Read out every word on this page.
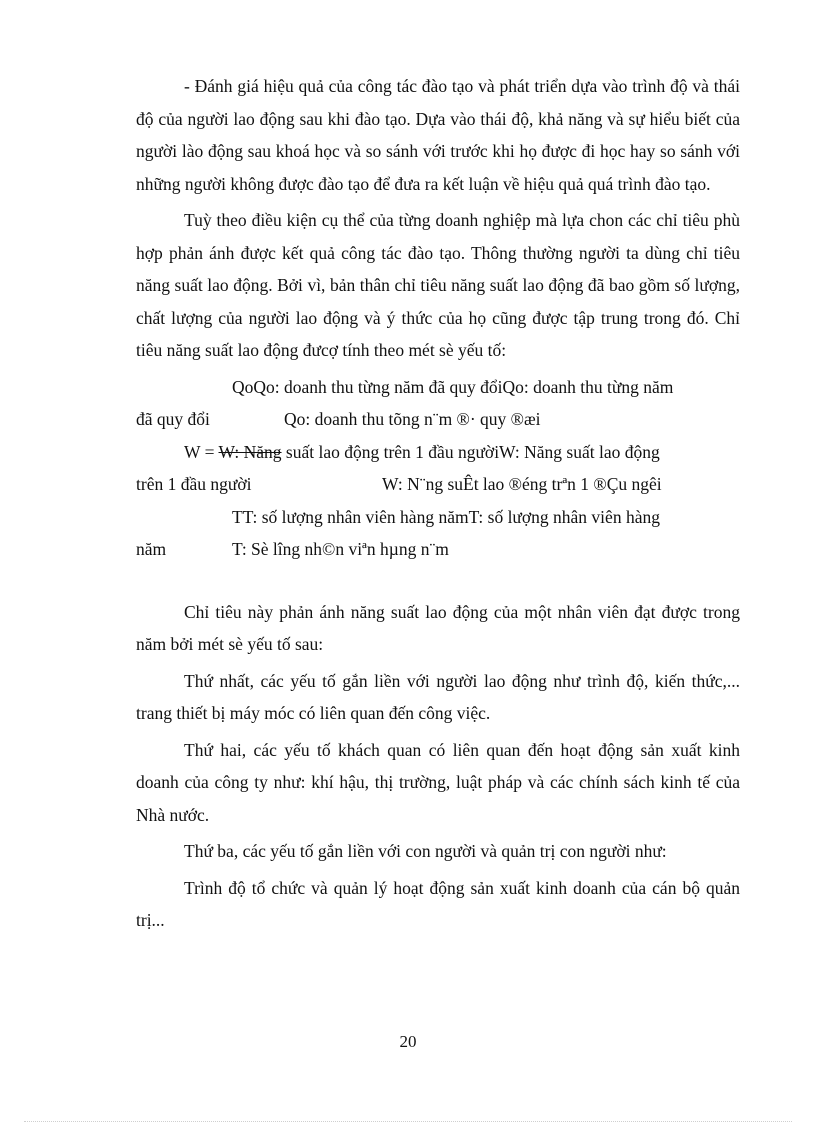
- Đánh giá hiệu quả của công tác đào tạo và phát triển dựa vào trình độ và thái độ của người lao động sau khi đào tạo. Dựa vào thái độ, khả năng và sự hiểu biết của người lào động sau khoá học và so sánh với trước khi họ được đi học hay so sánh với những người không được đào tạo để đưa ra kết luận về hiệu quả quá trình đào tạo.

Tuỳ theo điều kiện cụ thể của từng doanh nghiệp mà lựa chon các chỉ tiêu phù hợp phản ánh được kết quả công tác đào tạo. Thông thường người ta dùng chỉ tiêu năng suất lao động. Bởi vì, bản thân chỉ tiêu năng suất lao động đã bao gồm số lượng, chất lượng của người lao động và ý thức của họ cũng được tập trung trong đó. Chỉ tiêu năng suất lao động đưcợ tính theo mét sè yếu tố:

QoQo: doanh thu từng năm đã quy đổiQo: doanh thu từng năm
đã quy đổi	Qo: doanh thu tõng n¨m ®· quy ®æi
W = W: Năng suất lao động trên 1 đầu ngườiW: Năng suất lao động
trên 1 đầu người	W: N¨ng suÊt lao ®éng trªn 1 ®Çu ngêi
TT: số lượng nhân viên hàng nămT: số lượng nhân viên hàng
năm	T: Sè lîng nh©n viªn hµng n¨m

Chỉ tiêu này phản ánh năng suất lao động của một nhân viên đạt được trong năm bởi mét sè yếu tố sau:

Thứ nhất, các yếu tố gắn liền với người lao động như trình độ, kiến thức,... trang thiết bị máy móc có liên quan đến công việc.

Thứ hai, các yếu tố khách quan có liên quan đến hoạt động sản xuất kinh doanh của công ty như: khí hậu, thị trường, luật pháp và các chính sách kinh tế của Nhà nước.

Thứ ba, các yếu tố gắn liền với con người và quản trị con người như:

Trình độ tổ chức và quản lý hoạt động sản xuất kinh doanh của cán bộ quản trị...

20
